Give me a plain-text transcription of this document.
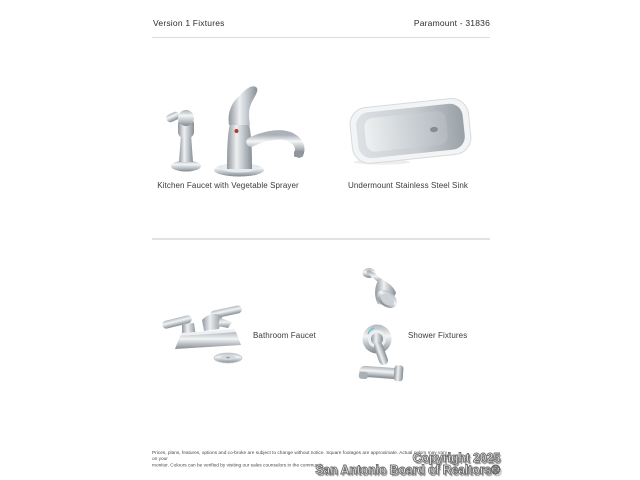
Version 1 Fixtures	Paramount - 31836
Kitchen Faucet with Vegetable Sprayer	Undermount Stainless Steel Sink
Bathroom Faucet	Shower Fixtures
Prices, plans, features, options and co-broke are subject to change without notice. Square footages are approximate. Actual colors may vary on your
monitor. Colours can be verified by visiting our sales counselors in the community.
Copyright 2025
San Antonio Board of Realtors®
